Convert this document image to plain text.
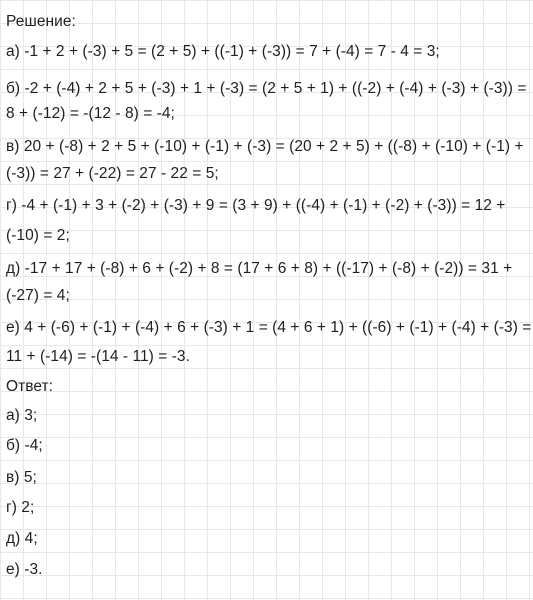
Решение:
а) -1 + 2 + (-3) + 5 = (2 + 5) + ((-1) + (-3)) = 7 + (-4) = 7 - 4 = 3;
б) -2 + (-4) + 2 + 5 + (-3) + 1 + (-3) = (2 + 5 + 1) + ((-2) + (-4) + (-3) + (-3)) =
8 + (-12) = -(12 - 8) = -4;
в) 20 + (-8) + 2 + 5 + (-10) + (-1) + (-3) = (20 + 2 + 5) + ((-8) + (-10) + (-1) +
(-3)) = 27 + (-22) = 27 - 22 = 5;
г) -4 + (-1) + 3 + (-2) + (-3) + 9 = (3 + 9) + ((-4) + (-1) + (-2) + (-3)) = 12 +
(-10) = 2;
д) -17 + 17 + (-8) + 6 + (-2) + 8 = (17 + 6 + 8) + ((-17) + (-8) + (-2)) = 31 +
(-27) = 4;
е) 4 + (-6) + (-1) + (-4) + 6 + (-3) + 1 = (4 + 6 + 1) + ((-6) + (-1) + (-4) + (-3) =
11 + (-14) = -(14 - 11) = -3.
Ответ:
а) 3;
б) -4;
в) 5;
г) 2;
д) 4;
е) -3.
